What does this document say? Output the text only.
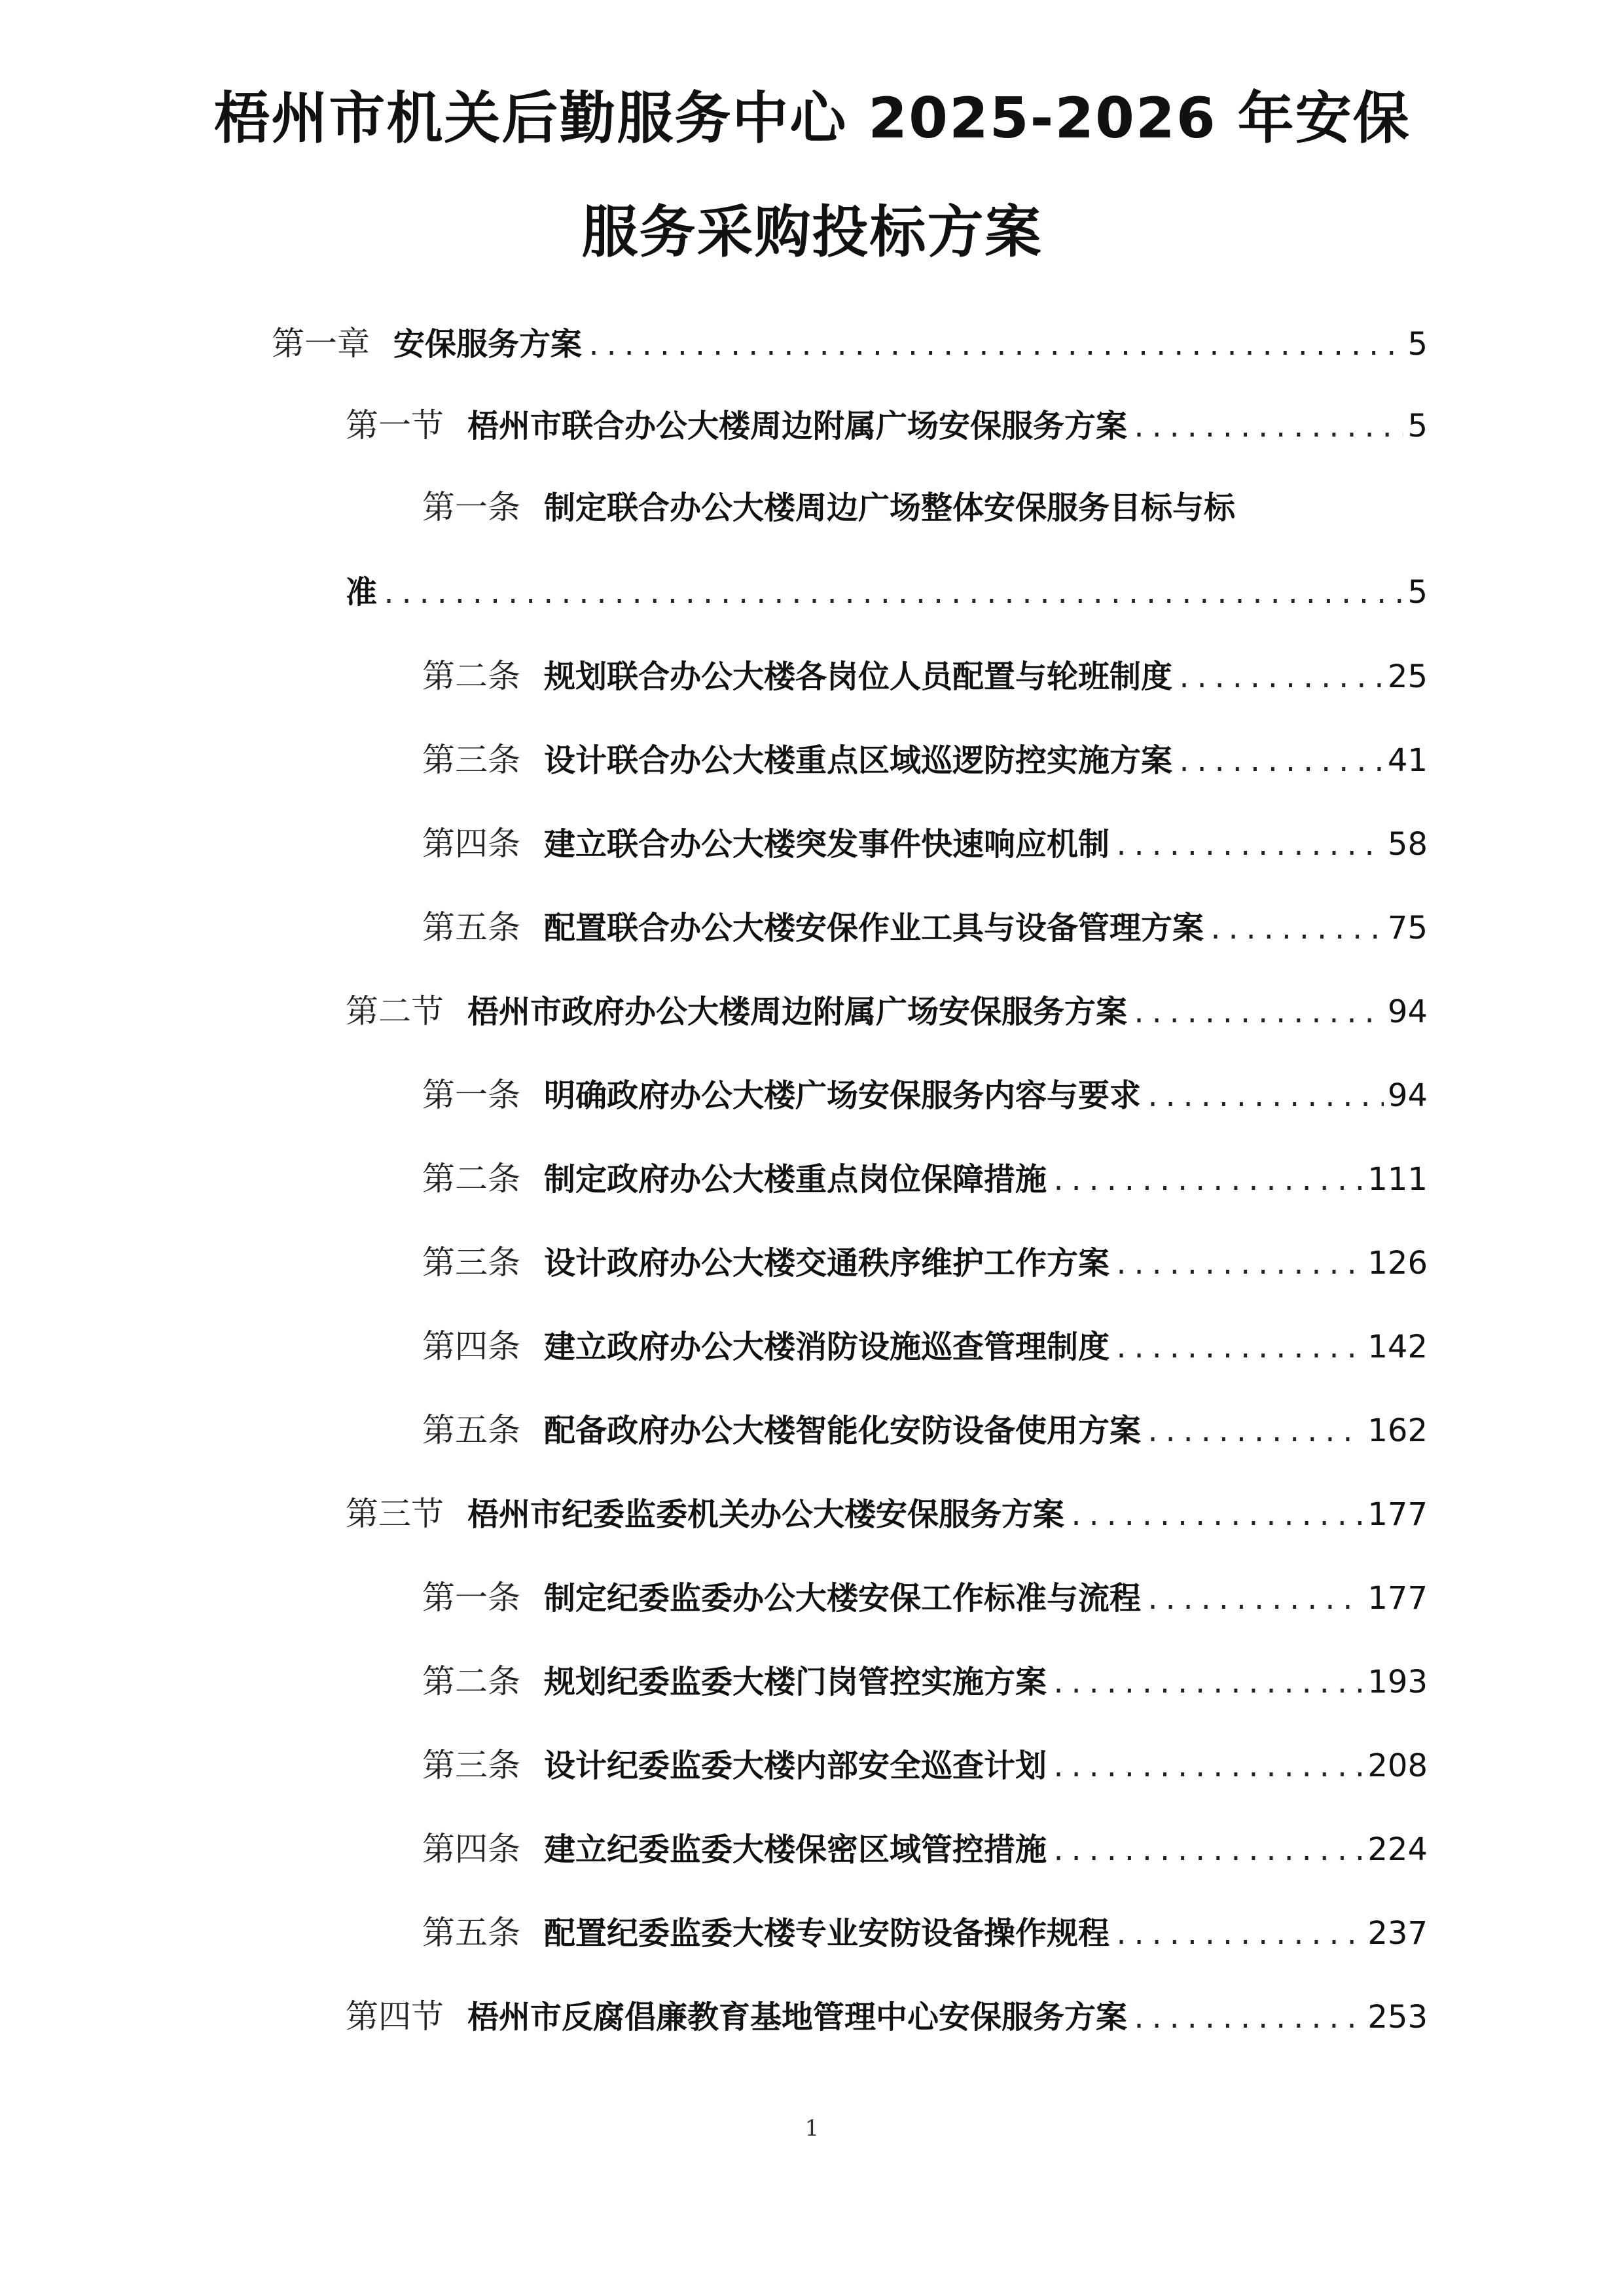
梧州市机关后勤服务中心 2025-2026 年安保
服务采购投标方案
第一章 安保服务方案 .....	5
第一节 梧州市联合办公大楼周边附属广场安保服务方案 .....	5
第一条 制定联合办公大楼周边广场整体安保服务目标与标
准 .....	5
第二条 规划联合办公大楼各岗位人员配置与轮班制度 .....	25
第三条 设计联合办公大楼重点区域巡逻防控实施方案 .....	41
第四条 建立联合办公大楼突发事件快速响应机制 .....	58
第五条 配置联合办公大楼安保作业工具与设备管理方案 .....	75
第二节 梧州市政府办公大楼周边附属广场安保服务方案 .....	94
第一条 明确政府办公大楼广场安保服务内容与要求 .....	94
第二条 制定政府办公大楼重点岗位保障措施 .....	111
第三条 设计政府办公大楼交通秩序维护工作方案 .....	126
第四条 建立政府办公大楼消防设施巡查管理制度 .....	142
第五条 配备政府办公大楼智能化安防设备使用方案 .....	162
第三节 梧州市纪委监委机关办公大楼安保服务方案 .....	177
第一条 制定纪委监委办公大楼安保工作标准与流程 .....	177
第二条 规划纪委监委大楼门岗管控实施方案 .....	193
第三条 设计纪委监委大楼内部安全巡查计划 .....	208
第四条 建立纪委监委大楼保密区域管控措施 .....	224
第五条 配置纪委监委大楼专业安防设备操作规程 .....	237
第四节 梧州市反腐倡廉教育基地管理中心安保服务方案 .....	253
1
